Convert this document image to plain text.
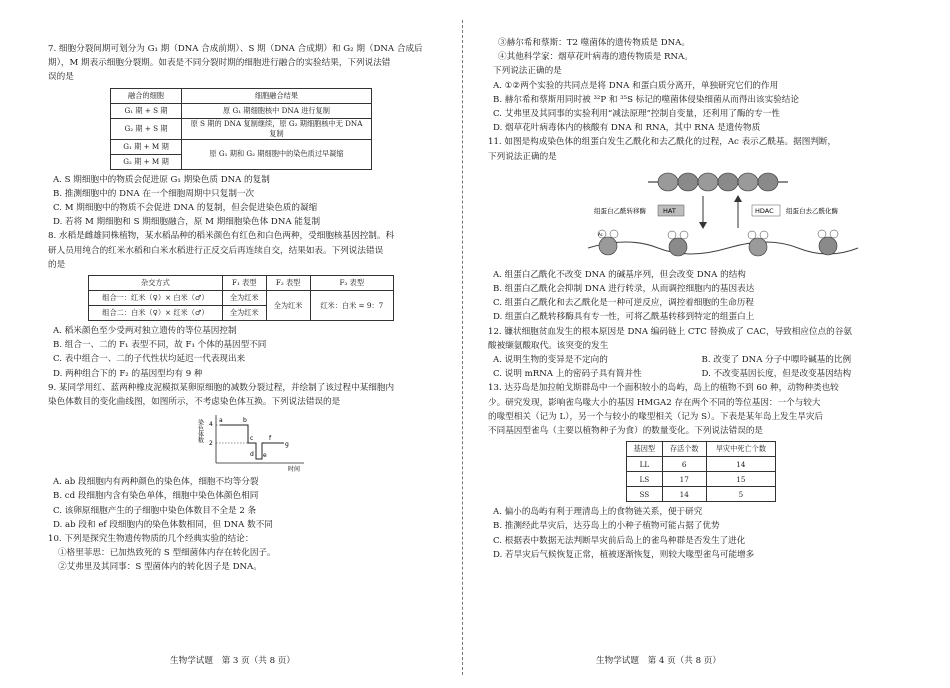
7. 细胞分裂间期可划分为 G₁ 期（DNA 合成前期）、S 期（DNA 合成期）和 G₂ 期（DNA 合成后

期），M 期表示细胞分裂期。如表是不同分裂时期的细胞进行融合的实验结果，下列说法错

误的是

融合的细胞	细胞融合结果
G₁ 期 + S 期	原 G₁ 期细胞核中 DNA 进行复制
G₂ 期 + S 期	原 S 期的 DNA 复制继续，原 G₂ 期细胞核中无 DNA 复制
G₁ 期 + M 期	原 G₁ 期和 G₂ 期细胞中的染色质过早凝缩
G₂ 期 + M 期	

A. S 期细胞中的物质会促进原 G₁ 期染色质 DNA 的复制

B. 推测细胞中的 DNA 在一个细胞周期中只复制一次

C. M 期细胞中的物质不会促进 DNA 的复制，但会促进染色质的凝缩

D. 若将 M 期细胞和 S 期细胞融合，原 M 期细胞染色体 DNA 能复制

8. 水稻是雌雄同株植物，某水稻品种的稻米颜色有红色和白色两种，受细胞核基因控制。科

研人员用纯合的红米水稻和白米水稻进行正反交后再连续自交，结果如表。下列说法错误

的是

杂交方式	F₁ 表型	F₂ 表型	F₃ 表型
组合一：红米（♀）× 白米（♂）	全为红米	全为红米	红米：白米 = 9：7
组合二：白米（♀）× 红米（♂）	全为红米		

A. 稻米颜色至少受两对独立遗传的等位基因控制

B. 组合一、二的 F₁ 表型不同，故 F₁ 个体的基因型不同

C. 表中组合一、二的子代性状均延迟一代表现出来

D. 两种组合下的 F₂ 的基因型均有 9 种

9. 某同学用红、蓝两种橡皮泥模拟某卵原细胞的减数分裂过程，并绘制了该过程中某细胞内

染色体数目的变化曲线图，如图所示，不考虑染色体互换。下列说法错误的是

染色体数 4
2
a	b
c
d e
f
g
时间

A. ab 段细胞内有两种颜色的染色体，细胞不均等分裂

B. cd 段细胞内含有染色单体，细胞中染色体颜色相同

C. 该卵原细胞产生的子细胞中染色体数目不全是 2 条

D. ab 段和 ef 段细胞内的染色体数相同，但 DNA 数不同

10. 下列是探究生物遗传物质的几个经典实验的结论：

①格里菲思：已加热致死的 S 型细菌体内存在转化因子。

②艾弗里及其同事：S 型菌体内的转化因子是 DNA。

生物学试题　第 3 页（共 8 页）

③赫尔希和蔡斯：T2 噬菌体的遗传物质是 DNA。

④其他科学家：烟草花叶病毒的遗传物质是 RNA。

下列说法正确的是

A. ①②两个实验的共同点是将 DNA 和蛋白质分离开，单独研究它们的作用

B. 赫尔希和蔡斯用同时被 ³²P 和 ³⁵S 标记的噬菌体侵染细菌从而得出该实验结论

C. 艾弗里及其同事的实验利用“减法原理”控制自变量，还利用了酶的专一性

D. 烟草花叶病毒体内的核酸有 DNA 和 RNA，其中 RNA 是遗传物质

11. 如图是构成染色体的组蛋白发生乙酰化和去乙酰化的过程，Ac 表示乙酰基。据图判断，

下列说法正确的是

组蛋白乙酰转移酶	HAT	HDAC 组蛋白去乙酰化酶
Ac

A. 组蛋白乙酰化不改变 DNA 的碱基序列，但会改变 DNA 的结构

B. 组蛋白乙酰化会抑制 DNA 进行转录，从而调控细胞内的基因表达

C. 组蛋白乙酰化和去乙酰化是一种可逆反应，调控着细胞的生命历程

D. 组蛋白乙酰转移酶具有专一性，可将乙酰基转移到特定的组蛋白上

12. 镰状细胞贫血发生的根本原因是 DNA 编码链上 CTC 替换成了 CAC，导致相应位点的谷氨

酸被缬氨酸取代。该突变的发生

A. 说明生物的变异是不定向的	B. 改变了 DNA 分子中嘌呤碱基的比例

C. 说明 mRNA 上的密码子具有简并性	D. 不改变基因长度，但是改变基因结构

13. 达芬岛是加拉帕戈斯群岛中一个面积较小的岛屿，岛上的植物不到 60 种，动物种类也较

少。研究发现，影响雀鸟喙大小的基因 HMGA2 存在两个不同的等位基因：一个与较大

的喙型相关（记为 L），另一个与较小的喙型相关（记为 S）。下表是某年岛上发生旱灾后

不同基因型雀鸟（主要以植物种子为食）的数量变化。下列说法错误的是

基因型	存活个数	旱灾中死亡个数
LL	6	14
LS	17	15
SS	14	5

A. 偏小的岛屿有利于理清岛上的食物链关系，便于研究

B. 推测经此旱灾后，达芬岛上的小种子植物可能占据了优势

C. 根据表中数据无法判断旱灾前后岛上的雀鸟种群是否发生了进化

D. 若旱灾后气候恢复正常，植被逐渐恢复，则较大喙型雀鸟可能增多

生物学试题　第 4 页（共 8 页）
